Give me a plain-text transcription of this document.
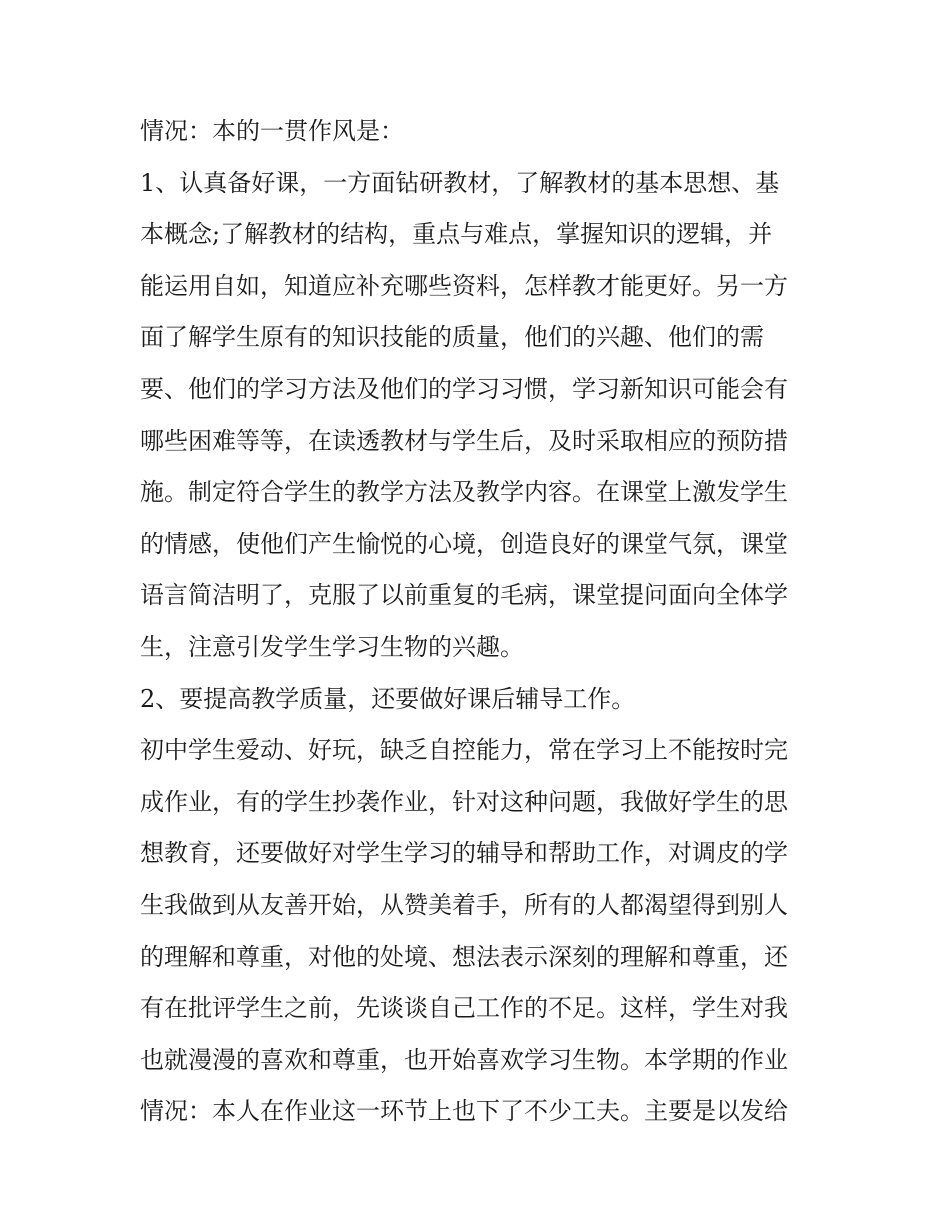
情况：本的一贯作风是：
1、认真备好课，一方面钻研教材，了解教材的基本思想、基
本概念;了解教材的结构，重点与难点，掌握知识的逻辑，并
能运用自如，知道应补充哪些资料，怎样教才能更好。另一方
面了解学生原有的知识技能的质量，他们的兴趣、他们的需
要、他们的学习方法及他们的学习习惯，学习新知识可能会有
哪些困难等等，在读透教材与学生后，及时采取相应的预防措
施。制定符合学生的教学方法及教学内容。在课堂上激发学生
的情感，使他们产生愉悦的心境，创造良好的课堂气氛，课堂
语言简洁明了，克服了以前重复的毛病，课堂提问面向全体学
生，注意引发学生学习生物的兴趣。
2、要提高教学质量，还要做好课后辅导工作。
初中学生爱动、好玩，缺乏自控能力，常在学习上不能按时完
成作业，有的学生抄袭作业，针对这种问题，我做好学生的思
想教育，还要做好对学生学习的辅导和帮助工作，对调皮的学
生我做到从友善开始，从赞美着手，所有的人都渴望得到别人
的理解和尊重，对他的处境、想法表示深刻的理解和尊重，还
有在批评学生之前，先谈谈自己工作的不足。这样，学生对我
也就漫漫的喜欢和尊重，也开始喜欢学习生物。本学期的作业
情况：本人在作业这一环节上也下了不少工夫。主要是以发给
